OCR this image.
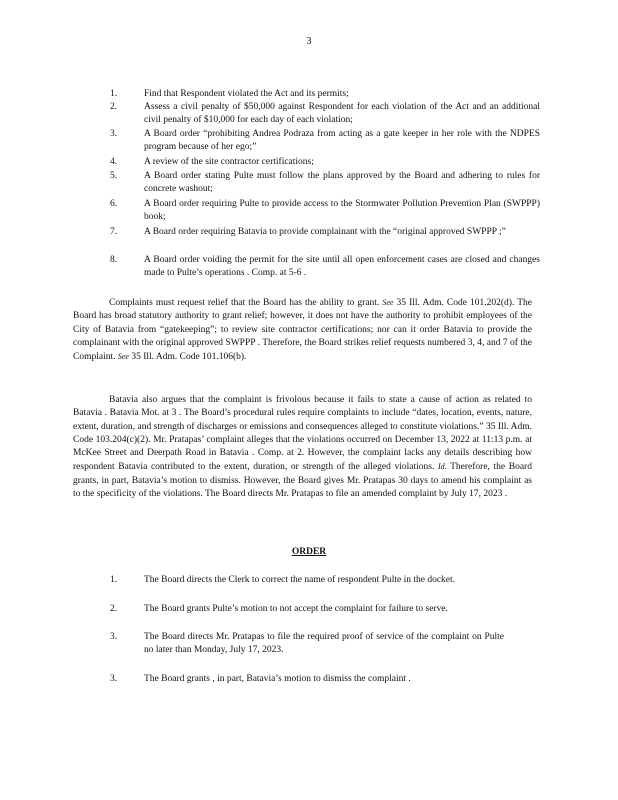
3
1.	Find that Respondent violated the Act and its permits;
2.	Assess a civil penalty of $50,000 against Respondent for each violation of the Act and an additional civil penalty of $10,000 for each day of each violation;
3.	A Board order “prohibiting Andrea Podraza from acting as a gate keeper in her role with the NDPES program because of her ego;”
4.	A review of the site contractor certifications;
5.	A Board order stating Pulte must follow the plans approved by the Board and adhering to rules for concrete washout;
6.	A Board order requiring Pulte to provide access to the Stormwater Pollution Prevention Plan (SWPPP) book;
7.	A Board order requiring Batavia to provide complainant with the “original approved SWPPP ;”
8.	A Board order voiding the permit for the site until all open enforcement cases are closed and changes made to Pulte’s operations . Comp. at 5-6 .
Complaints must request relief that the Board has the ability to grant. See 35 Ill. Adm. Code 101.202(d). The Board has broad statutory authority to grant relief; however, it does not have the authority to prohibit employees of the City of Batavia from “gatekeeping”; to review site contractor certifications; nor can it order Batavia to provide the complainant with the original approved SWPPP . Therefore, the Board strikes relief requests numbered 3, 4, and 7 of the Complaint. See 35 Ill. Adm. Code 101.106(b).
Batavia also argues that the complaint is frivolous because it fails to state a cause of action as related to Batavia . Batavia Mot. at 3 . The Board’s procedural rules require complaints to include “dates, location, events, nature, extent, duration, and strength of discharges or emissions and consequences alleged to constitute violations.” 35 Ill. Adm. Code 103.204(c)(2). Mr. Pratapas’ complaint alleges that the violations occurred on December 13, 2022 at 11:13 p.m. at McKee Street and Deerpath Road in Batavia . Comp. at 2. However, the complaint lacks any details describing how respondent Batavia contributed to the extent, duration, or strength of the alleged violations. Id. Therefore, the Board grants, in part, Batavia’s motion to dismiss. However, the Board gives Mr. Pratapas 30 days to amend his complaint as to the specificity of the violations. The Board directs Mr. Pratapas to file an amended complaint by July 17, 2023 .
ORDER
1.	The Board directs the Clerk to correct the name of respondent Pulte in the docket.
2.	The Board grants Pulte’s motion to not accept the complaint for failure to serve.
3.	The Board directs Mr. Pratapas to file the required proof of service of the complaint on Pulte no later than Monday, July 17, 2023.
3.	The Board grants , in part, Batavia’s motion to dismiss the complaint .
